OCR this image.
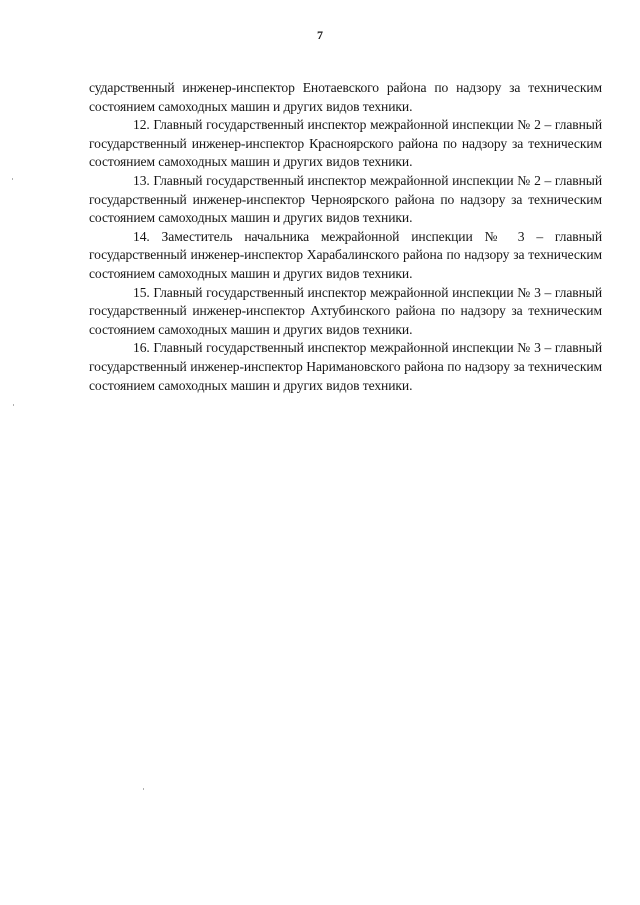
7

сударственный инженер-инспектор Енотаевского района по надзору за техническим состоянием самоходных машин и других видов техники.

12. Главный государственный инспектор межрайонной инспекции № 2 – главный государственный инженер-инспектор Красноярского района по надзору за техническим состоянием самоходных машин и других видов техники.

13. Главный государственный инспектор межрайонной инспекции № 2 – главный государственный инженер-инспектор Черноярского района по надзору за техническим состоянием самоходных машин и других видов техники.

14. Заместитель начальника межрайонной инспекции № 3 – главный государственный инженер-инспектор Харабалинского района по надзору за техническим состоянием самоходных машин и других видов техники.

15. Главный государственный инспектор межрайонной инспекции № 3 – главный государственный инженер-инспектор Ахтубинского района по надзору за техническим состоянием самоходных машин и других видов техники.

16. Главный государственный инспектор межрайонной инспекции № 3 – главный государственный инженер-инспектор Наримановского района по надзору за техническим состоянием самоходных машин и других видов техники.
